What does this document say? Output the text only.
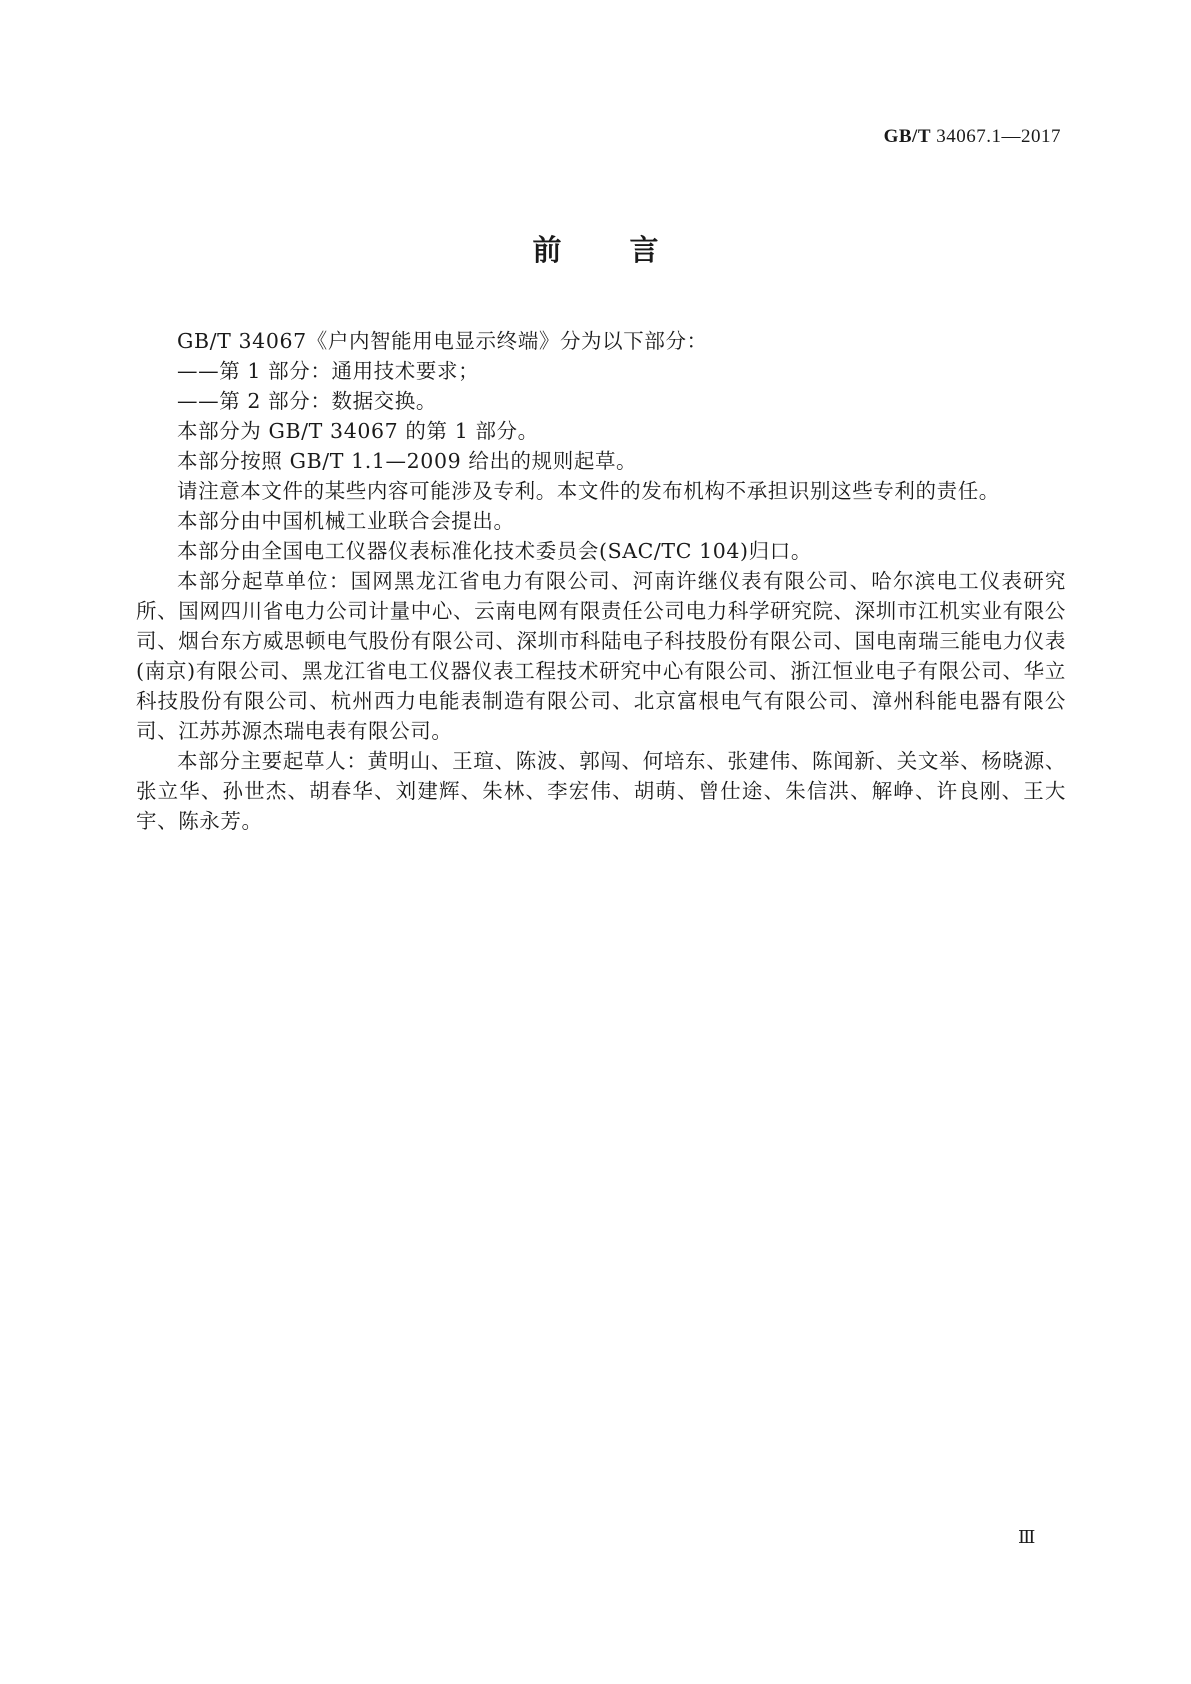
GB/T 34067.1—2017
前 言

GB/T 34067《户内智能用电显示终端》分为以下部分：

——第 1 部分：通用技术要求；

——第 2 部分：数据交换。

本部分为 GB/T 34067 的第 1 部分。

本部分按照 GB/T 1.1—2009 给出的规则起草。

请注意本文件的某些内容可能涉及专利。本文件的发布机构不承担识别这些专利的责任。

本部分由中国机械工业联合会提出。

本部分由全国电工仪器仪表标准化技术委员会(SAC/TC 104)归口。

本部分起草单位：国网黑龙江省电力有限公司、河南许继仪表有限公司、哈尔滨电工仪表研究所、国网四川省电力公司计量中心、云南电网有限责任公司电力科学研究院、深圳市江机实业有限公司、烟台东方威思顿电气股份有限公司、深圳市科陆电子科技股份有限公司、国电南瑞三能电力仪表(南京)有限公司、黑龙江省电工仪器仪表工程技术研究中心有限公司、浙江恒业电子有限公司、华立科技股份有限公司、杭州西力电能表制造有限公司、北京富根电气有限公司、漳州科能电器有限公司、江苏苏源杰瑞电表有限公司。

本部分主要起草人：黄明山、王瑄、陈波、郭闯、何培东、张建伟、陈闻新、关文举、杨晓源、张立华、孙世杰、胡春华、刘建辉、朱林、李宏伟、胡萌、曾仕途、朱信洪、解峥、许良刚、王大宇、陈永芳。

Ⅲ
